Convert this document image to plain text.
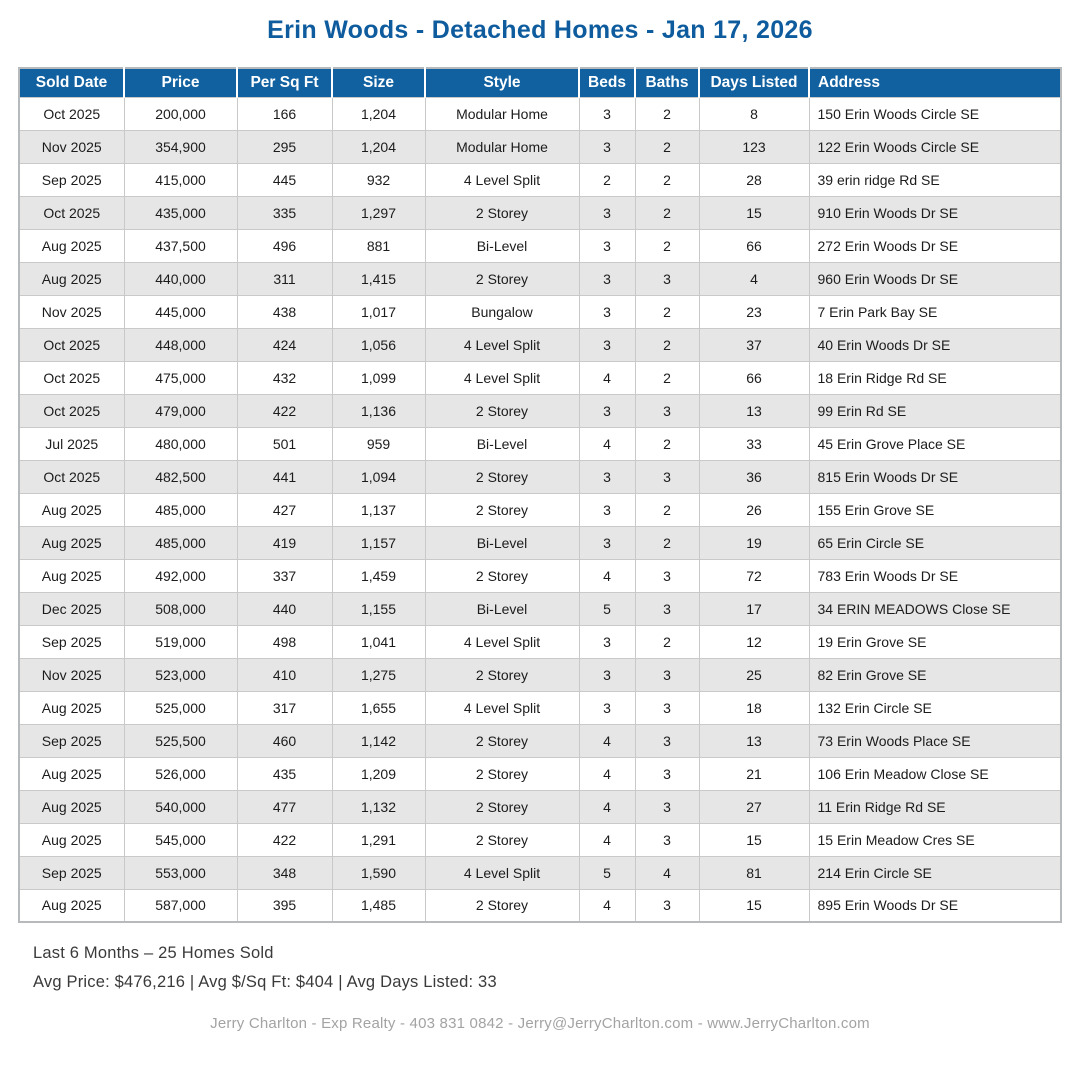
Erin Woods - Detached Homes - Jan 17, 2026
Sold Date	Price	Per Sq Ft	Size	Style	Beds	Baths	Days Listed	Address
Oct 2025	200,000	166	1,204	Modular Home	3	2	8	150 Erin Woods Circle SE
Nov 2025	354,900	295	1,204	Modular Home	3	2	123	122 Erin Woods Circle SE
Sep 2025	415,000	445	932	4 Level Split	2	2	28	39 erin ridge Rd SE
Oct 2025	435,000	335	1,297	2 Storey	3	2	15	910 Erin Woods Dr SE
Aug 2025	437,500	496	881	Bi-Level	3	2	66	272 Erin Woods Dr SE
Aug 2025	440,000	311	1,415	2 Storey	3	3	4	960 Erin Woods Dr SE
Nov 2025	445,000	438	1,017	Bungalow	3	2	23	7 Erin Park Bay SE
Oct 2025	448,000	424	1,056	4 Level Split	3	2	37	40 Erin Woods Dr SE
Oct 2025	475,000	432	1,099	4 Level Split	4	2	66	18 Erin Ridge Rd SE
Oct 2025	479,000	422	1,136	2 Storey	3	3	13	99 Erin Rd SE
Jul 2025	480,000	501	959	Bi-Level	4	2	33	45 Erin Grove Place SE
Oct 2025	482,500	441	1,094	2 Storey	3	3	36	815 Erin Woods Dr SE
Aug 2025	485,000	427	1,137	2 Storey	3	2	26	155 Erin Grove SE
Aug 2025	485,000	419	1,157	Bi-Level	3	2	19	65 Erin Circle SE
Aug 2025	492,000	337	1,459	2 Storey	4	3	72	783 Erin Woods Dr SE
Dec 2025	508,000	440	1,155	Bi-Level	5	3	17	34 ERIN MEADOWS Close SE
Sep 2025	519,000	498	1,041	4 Level Split	3	2	12	19 Erin Grove SE
Nov 2025	523,000	410	1,275	2 Storey	3	3	25	82 Erin Grove SE
Aug 2025	525,000	317	1,655	4 Level Split	3	3	18	132 Erin Circle SE
Sep 2025	525,500	460	1,142	2 Storey	4	3	13	73 Erin Woods Place SE
Aug 2025	526,000	435	1,209	2 Storey	4	3	21	106 Erin Meadow Close SE
Aug 2025	540,000	477	1,132	2 Storey	4	3	27	11 Erin Ridge Rd SE
Aug 2025	545,000	422	1,291	2 Storey	4	3	15	15 Erin Meadow Cres SE
Sep 2025	553,000	348	1,590	4 Level Split	5	4	81	214 Erin Circle SE
Aug 2025	587,000	395	1,485	2 Storey	4	3	15	895 Erin Woods Dr SE
Last 6 Months – 25 Homes Sold
Avg Price: $476,216 | Avg $/Sq Ft: $404 | Avg Days Listed: 33
Jerry Charlton - Exp Realty - 403 831 0842 - Jerry@JerryCharlton.com - www.JerryCharlton.com
